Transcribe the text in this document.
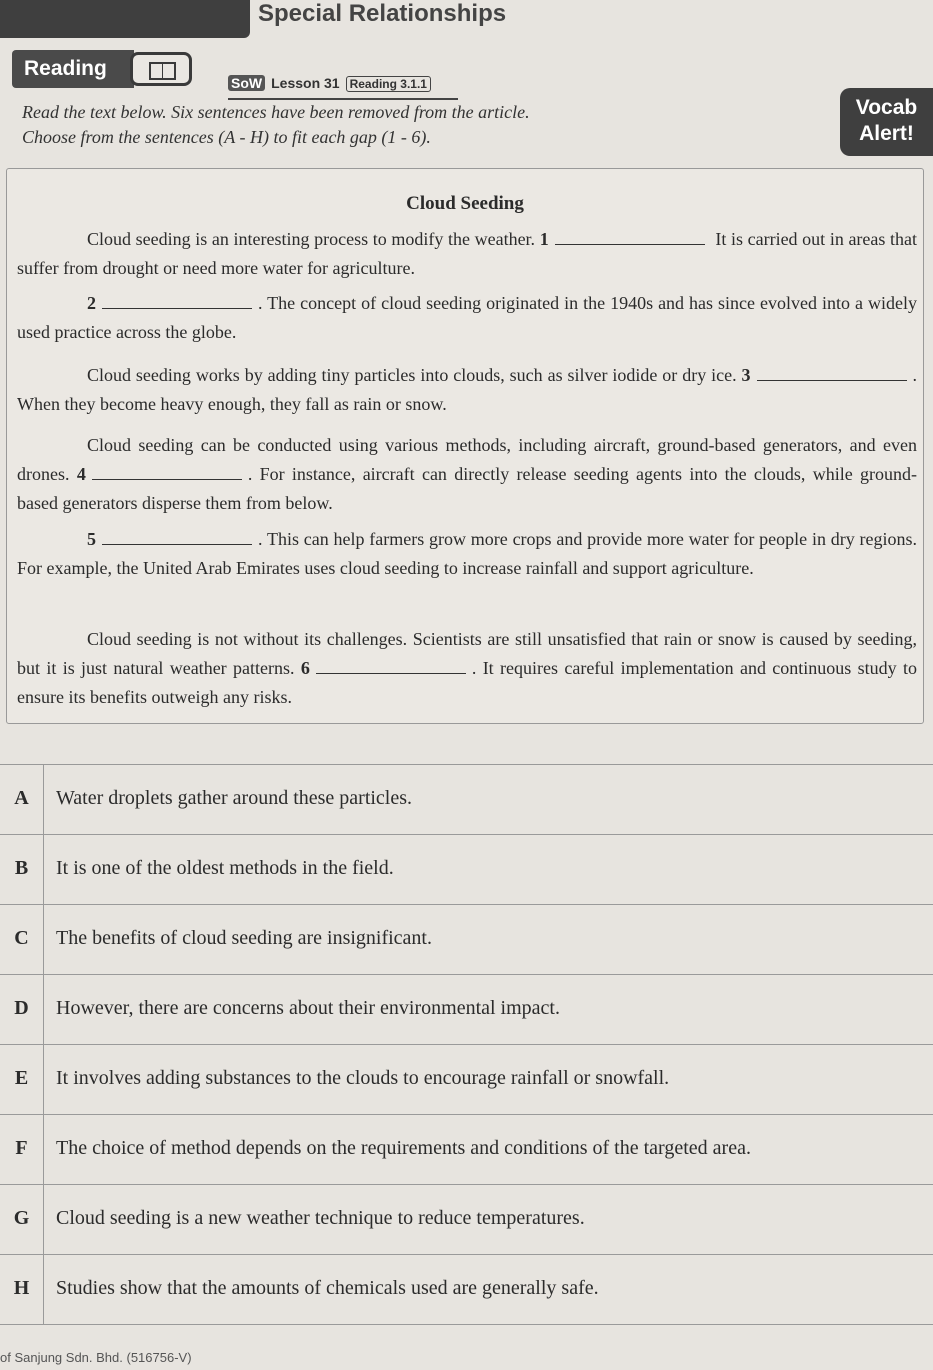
Special Relationships
Reading
SoW Lesson 31 Reading 3.1.1
Vocab
Alert!
Read the text below. Six sentences have been removed from the article.
Choose from the sentences (A - H) to fit each gap (1 - 6).
Cloud Seeding
Cloud seeding is an interesting process to modify the weather. 1	It is carried out in areas that suffer from drought or need more water for agriculture.
2	. The concept of cloud seeding originated in the 1940s and has since evolved into a widely used practice across the globe.
Cloud seeding works by adding tiny particles into clouds, such as silver iodide or dry ice. 3	. When they become heavy enough, they fall as rain or snow.
Cloud seeding can be conducted using various methods, including aircraft, ground-based generators, and even drones. 4	. For instance, aircraft can directly release seeding agents into the clouds, while ground-based generators disperse them from below.
5	. This can help farmers grow more crops and provide more water for people in dry regions. For example, the United Arab Emirates uses cloud seeding to increase rainfall and support agriculture.
Cloud seeding is not without its challenges. Scientists are still unsatisfied that rain or snow is caused by seeding, but it is just natural weather patterns. 6	. It requires careful implementation and continuous study to ensure its benefits outweigh any risks.
A	Water droplets gather around these particles.
B	It is one of the oldest methods in the field.
C	The benefits of cloud seeding are insignificant.
D	However, there are concerns about their environmental impact.
E	It involves adding substances to the clouds to encourage rainfall or snowfall.
F	The choice of method depends on the requirements and conditions of the targeted area.
G	Cloud seeding is a new weather technique to reduce temperatures.
H	Studies show that the amounts of chemicals used are generally safe.
of Sanjung Sdn. Bhd. (516756-V)
